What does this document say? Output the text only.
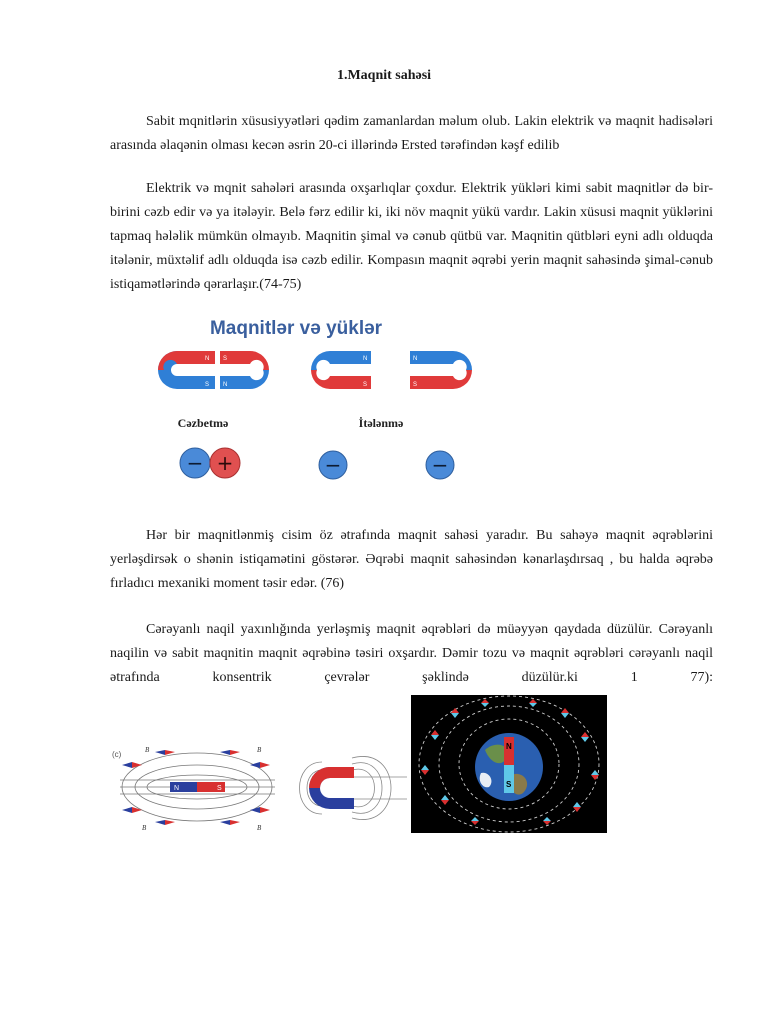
1.Maqnit sahəsi

Sabit mqnitlərin xüsusiyyətləri qədim zamanlardan məlum olub. Lakin elektrik və maqnit hadisələri arasında əlaqənin olması kecən əsrin 20-ci illərində Ersted tərəfindən kəşf edilib

Elektrik və mqnit sahələri arasında oxşarlıqlar çoxdur. Elektrik yükləri kimi sabit maqnitlər də bir-birini cəzb edir və ya itələyir. Belə fərz edilir ki, iki növ maqnit yükü vardır. Lakin xüsusi maqnit yüklərini tapmaq hələlik mümkün olmayıb. Maqnitin şimal və cənub qütbü var. Maqnitin qütbləri eyni adlı olduqda itələnir, müxtəlif adlı olduqda isə cəzb edilir. Kompasın maqnit əqrəbi yerin maqnit sahəsində şimal-cənub istiqamətlərində qərarlaşır.(74-75)

Maqnitlər və yüklər
N
S
S
N
N
S
N
S
Cəzbetmə	İtələnmə
− +	−	−

Hər bir maqnitlənmiş cisim öz ətrafında maqnit sahəsi yaradır. Bu sahəyə maqnit əqrəblərini yerləşdirsək o shənin istiqamətini göstərər. Əqrəbi maqnit sahəsindən kənarlaşdırsaq , bu halda əqrəbə fırladıcı mexaniki moment təsir edər. (76)

Cərəyanlı naqil yaxınlığında yerləşmiş maqnit əqrəbləri də müəyyən qaydada düzülür. Cərəyanlı naqilin və sabit maqnitin maqnit əqrəbinə təsiri oxşardır. Dəmir tozu və maqnit əqrəbləri cərəyanlı naqil ətrafında konsentrik çevrələr şəklində düzülür.ki 1 77):

(c)
N	S
B	B
B	B
N
S
